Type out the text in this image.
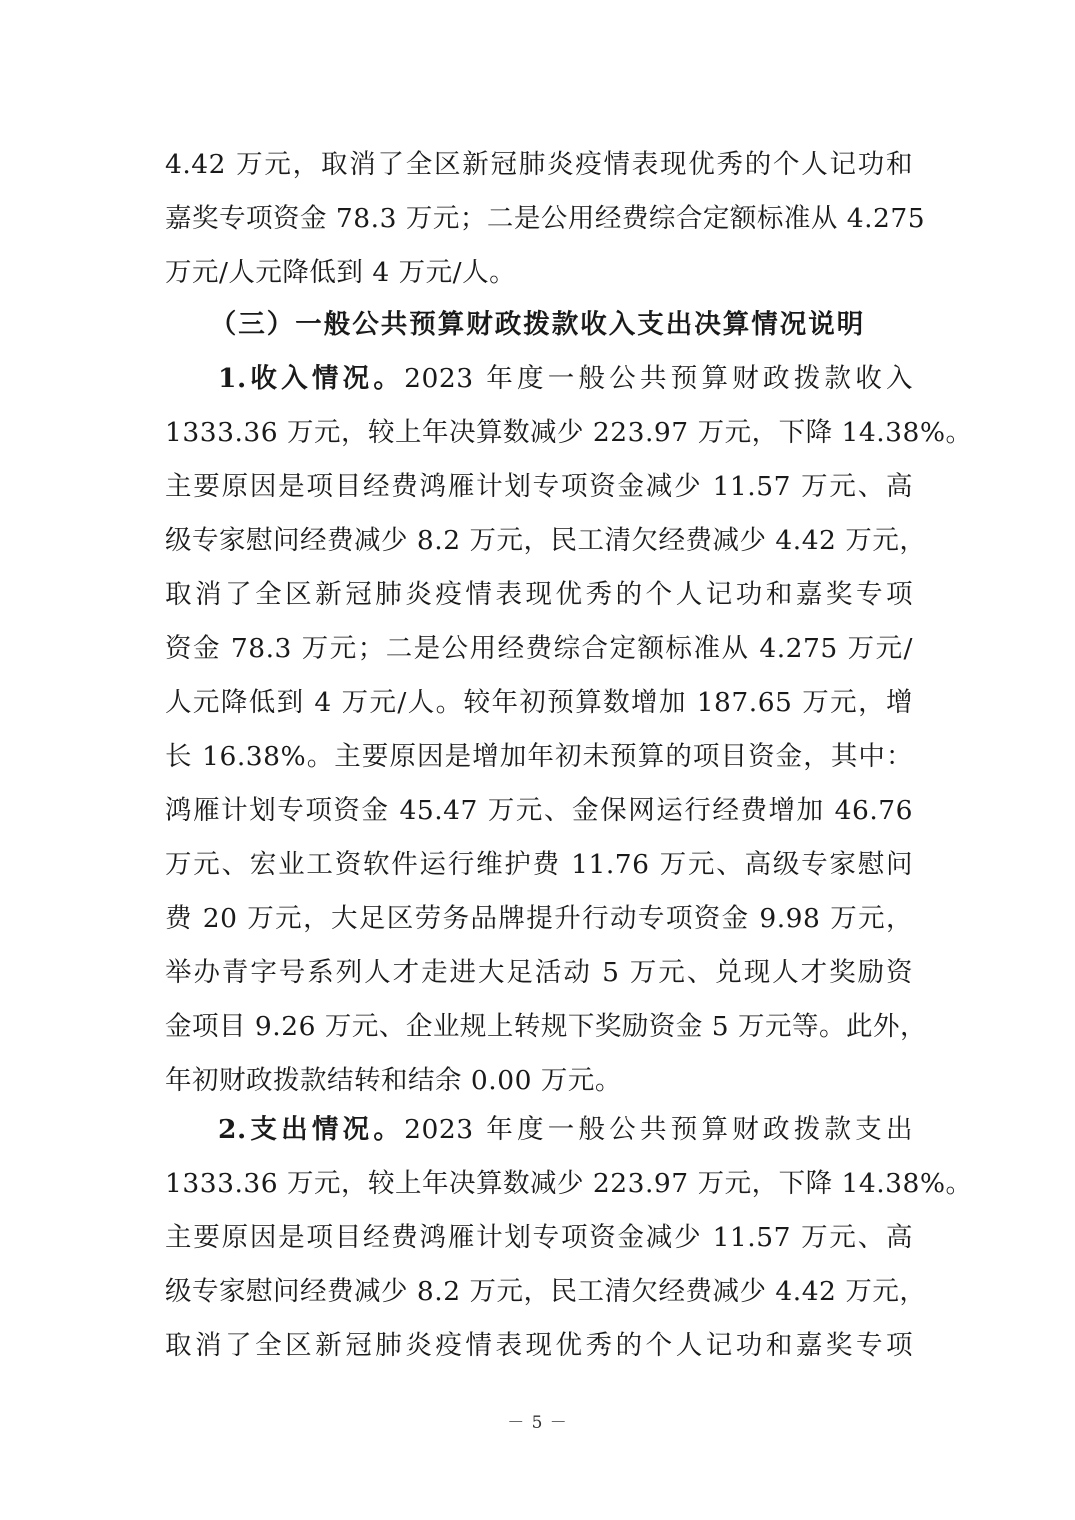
4.42 万元，取消了全区新冠肺炎疫情表现优秀的个人记功和
嘉奖专项资金 78.3 万元；二是公用经费综合定额标准从 4.275
万元/人元降低到 4 万元/人。
（三）一般公共预算财政拨款收入支出决算情况说明
1.收入情况。2023 年度一般公共预算财政拨款收入
1333.36 万元，较上年决算数减少 223.97 万元，下降 14.38%。
主要原因是项目经费鸿雁计划专项资金减少 11.57 万元、高
级专家慰问经费减少 8.2 万元，民工清欠经费减少 4.42 万元，
取消了全区新冠肺炎疫情表现优秀的个人记功和嘉奖专项
资金 78.3 万元；二是公用经费综合定额标准从 4.275 万元/
人元降低到 4 万元/人。较年初预算数增加 187.65 万元，增
长 16.38%。主要原因是增加年初未预算的项目资金，其中：
鸿雁计划专项资金 45.47 万元、金保网运行经费增加 46.76
万元、宏业工资软件运行维护费 11.76 万元、高级专家慰问
费 20 万元，大足区劳务品牌提升行动专项资金 9.98 万元，
举办青字号系列人才走进大足活动 5 万元、兑现人才奖励资
金项目 9.26 万元、企业规上转规下奖励资金 5 万元等。此外，
年初财政拨款结转和结余 0.00 万元。
2.支出情况。2023 年度一般公共预算财政拨款支出
1333.36 万元，较上年决算数减少 223.97 万元，下降 14.38%。
主要原因是项目经费鸿雁计划专项资金减少 11.57 万元、高
级专家慰问经费减少 8.2 万元，民工清欠经费减少 4.42 万元，
取消了全区新冠肺炎疫情表现优秀的个人记功和嘉奖专项
－ 5 －
